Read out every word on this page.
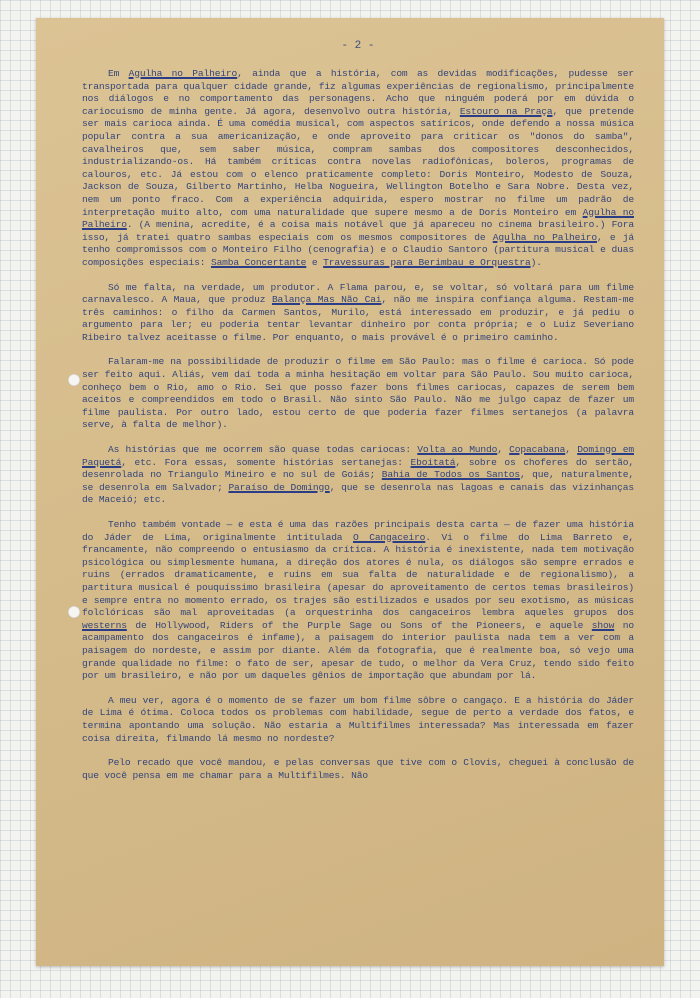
- 2 -

Em Agulha no Palheiro, ainda que a história, com as devidas modificações, pudesse ser transportada para qualquer cidade grande, fiz algumas experiências de regionalismo, principalmente nos diálogos e no comportamento das personagens. Acho que ninguém poderá por em dúvida o cariocuismo de minha gente. Já agora, desenvolvo outra história, Estouro na Praça, que pretende ser mais carioca ainda. É uma comédia musical, com aspectos satíricos, onde defendo a nossa música popular contra a sua americanização, e onde aproveito para criticar os "donos do samba", cavalheiros que, sem saber música, compram sambas dos compositores desconhecidos, industrializando-os. Há também críticas contra novelas radiofônicas, boleros, programas de calouros, etc. Já estou com o elenco praticamente completo: Doris Monteiro, Modesto de Souza, Jackson de Souza, Gilberto Martinho, Helba Nogueira, Wellington Botelho e Sara Nobre. Desta vez, nem um ponto fraco. Com a experiência adquirida, espero mostrar no filme um padrão de interpretação muito alto, com uma naturalidade que supere mesmo a de Doris Monteiro em Agulha no Palheiro. (A menina, acredite, é a coisa mais notável que já apareceu no cinema brasileiro.) Fora isso, já tratei quatro sambas especiais com os mesmos compositores de Agulha no Palheiro, e já tenho compromissos com o Monteiro Filho (cenografia) e o Claudio Santoro (partitura musical e duas composições especiais: Samba Concertante e Travessuras para Berimbau e Orquestra).

Só me falta, na verdade, um produtor. A Flama parou, e, se voltar, só voltará para um filme carnavalesco. A Maua, que produz Balança Mas Não Cai, não me inspira confiança alguma. Restam-me três caminhos: o filho da Carmen Santos, Murilo, está interessado em produzir, e já pediu o argumento para ler; eu poderia tentar levantar dinheiro por conta própria; e o Luiz Severiano Ribeiro talvez aceitasse o filme. Por enquanto, o mais provável é o primeiro caminho.

Falaram-me na possibilidade de produzir o filme em São Paulo: mas o filme é carioca. Só pode ser feito aqui. Aliás, vem daí toda a minha hesitação em voltar para São Paulo. Sou muito carioca, conheço bem o Rio, amo o Rio. Sei que posso fazer bons filmes cariocas, capazes de serem bem aceitos e compreendidos em todo o Brasil. Não sinto São Paulo. Não me julgo capaz de fazer um filme paulista. Por outro lado, estou certo de que poderia fazer filmes sertanejos (a palavra serve, à falta de melhor).

As histórias que me ocorrem são quase todas cariocas: Volta ao Mundo, Copacabana, Domingo em Paquetá, etc. Fora essas, somente histórias sertanejas: Eboitatá, sobre os choferes do sertão, desenrolada no Triangulo Mineiro e no sul de Goiás; Bahia de Todos os Santos, que, naturalmente, se desenrola em Salvador; Paraíso de Domingo, que se desenrola nas lagoas e canais das vizinhanças de Maceió; etc.

Tenho também vontade — e esta é uma das razões principais desta carta — de fazer uma história do Jáder de Lima, originalmente intitulada O Cangaceiro. Vi o filme do Lima Barreto e, francamente, não compreendo o entusiasmo da crítica. A história é inexistente, nada tem motivação psicológica ou simplesmente humana, a direção dos atores é nula, os diálogos são sempre errados e ruins (errados dramaticamente, e ruins em sua falta de naturalidade e de regionalismo), a partitura musical é pouquíssimo brasileira (apesar do aproveitamento de certos temas brasileiros) e sempre entra no momento errado, os trajes são estilizados e usados por seu exotismo, as músicas folclóricas são mal aproveitadas (a orquestrinha dos cangaceiros lembra aqueles grupos dos westerns de Hollywood, Riders of the Purple Sage ou Sons of the Pioneers, e aquele show no acampamento dos cangaceiros é infame), a paisagem do interior paulista nada tem a ver com a paisagem do nordeste, e assim por diante. Além da fotografia, que é realmente boa, só vejo uma grande qualidade no filme: o fato de ser, apesar de tudo, o melhor da Vera Cruz, tendo sido feito por um brasileiro, e não por um daqueles gênios de importação que abundam por lá.

A meu ver, agora é o momento de se fazer um bom filme sôbre o cangaço. E a história do Jáder de Lima é ótima. Coloca todos os problemas com habilidade, segue de perto a verdade dos fatos, e termina apontando uma solução. Não estaria a Multifilmes interessada? Mas interessada em fazer coisa direita, filmando lá mesmo no nordeste?

Pelo recado que você mandou, e pelas conversas que tive com o Clovis, cheguei à conclusão de que você pensa em me chamar para a Multifilmes. Não
